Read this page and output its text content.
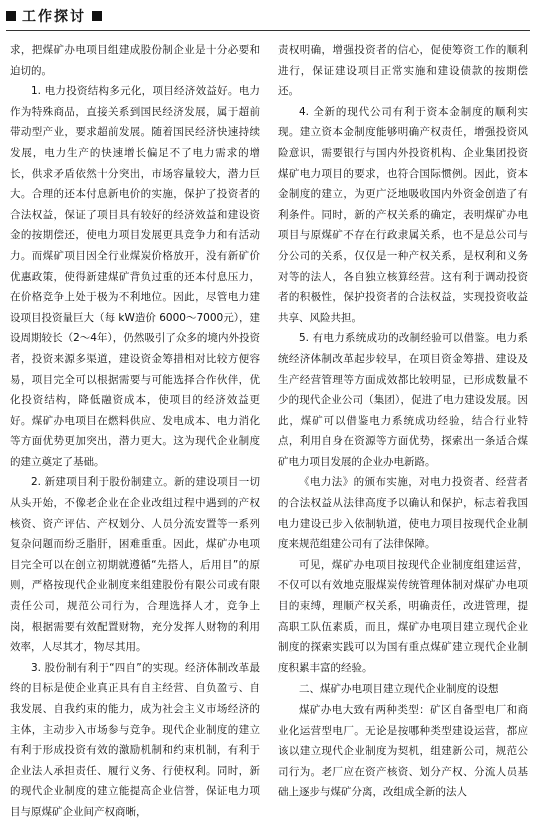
工作探讨

求，把煤矿办电项目组建成股份制企业是十分必要和迫切的。

1. 电力投资结构多元化，项目经济效益好。电力作为特殊商品，直接关系到国民经济发展，属于超前带动型产业，要求超前发展。随着国民经济快速持续发展，电力生产的快速增长偏足不了电力需求的增长，供求矛盾依然十分突出，市场容量较大，潜力巨大。合理的还本付息新电价的实施，保护了投资者的合法权益，保证了项目具有较好的经济效益和建设资金的按期偿还，使电力项目发展更具竞争力和有活动力。而煤矿项目因全行业煤炭价格放开，没有新矿价优惠政策，使得新建煤矿背负过重的还本付息压力，在价格竞争上处于极为不利地位。因此，尽管电力建设项目投资量巨大（每 kW造价 6000～7000元），建设周期较长（2～4年），仍然吸引了众多的境内外投资者，投资来源多渠道，建设资金筹措相对比较方便容易，项目完全可以根据需要与可能选择合作伙伴，优化投资结构，降低融资成本，使项目的经济效益更好。煤矿办电项目在燃料供应、发电成本、电力消化等方面优势更加突出，潜力更大。这为现代企业制度的建立奠定了基础。

2. 新建项目利于股份制建立。新的建设项目一切从头开始，不像老企业在企业改组过程中遇到的产权核资、资产评估、产权划分、人员分流安置等一系列复杂问题而纷乏脂肝，困难重重。因此，煤矿办电项目完全可以在创立初期就遵循“先搭人，后用目”的原则，严格按现代企业制度来组建股份有限公司或有限责任公司，规范公司行为，合理选择人才，竞争上岗，根据需要有效配置财物，充分发挥人财物的利用效率，人尽其才，物尽其用。

3. 股份制有利于“四自”的实现。经济体制改革最终的目标是使企业真正具有自主经营、自负盈亏、自我发展、自我约束的能力，成为社会主义市场经济的主体，主动步入市场参与竞争。现代企业制度的建立有利于形成投资有效的激励机制和约束机制，有利于企业法人承担责任、履行义务、行使权利。同时，新的现代企业制度的建立能提高企业信誉，保证电力项目与原煤矿企业间产权商晰，

责权明确，增强投资者的信心，促使筹资工作的顺利进行，保证建设项目正常实施和建设债款的按期偿还。

4. 全新的现代公司有利于资本金制度的顺利实现。建立资本金制度能够明确产权责任，增强投资风险意识，需要银行与国内外投资机构、企业集团投资煤矿电力项目的要求，也符合国际惯例。因此，资本金制度的建立，为更广泛地吸收国内外资金创造了有利条件。同时，新的产权关系的确定，表明煤矿办电项目与原煤矿不存在行政隶属关系，也不是总公司与分公司的关系，仅仅是一种产权关系，是权利和义务对等的法人，各自独立核算经营。这有利于调动投资者的积极性，保护投资者的合法权益，实现投资收益共享、风险共担。

5. 有电力系统成功的改制经验可以借鉴。电力系统经济体制改革起步较早，在项目资金筹措、建设及生产经营管理等方面成效都比较明显，已形成数量不少的现代企业公司（集团），促进了电力建设发展。因此，煤矿可以借鉴电力系统成功经验，结合行业特点，利用自身在资源等方面优势，探索出一条适合煤矿电力项目发展的企业办电新路。

《电力法》的颁布实施，对电力投资者、经营者的合法权益从法律高度予以确认和保护，标志着我国电力建设已步入依制轨道，使电力项目按现代企业制度来规范组建公司有了法律保障。

可见，煤矿办电项目按现代企业制度组建运营，不仅可以有效地克服煤炭传统管理体制对煤矿办电项目的束缚，理顺产权关系，明确责任，改进管理，提高职工队伍素质，而且，煤矿办电项目建立现代企业制度的探索实践可以为国有重点煤矿建立现代企业制度积累丰富的经验。

二、煤矿办电项目建立现代企业制度的设想

煤矿办电大致有两种类型：矿区自备型电厂和商业化运营型电厂。无论是按哪种类型建设运营，都应该以建立现代企业制度为契机，组建新公司，规范公司行为。老厂应在资产核资、划分产权、分流人员基础上逐步与煤矿分离，改组成全新的法人
